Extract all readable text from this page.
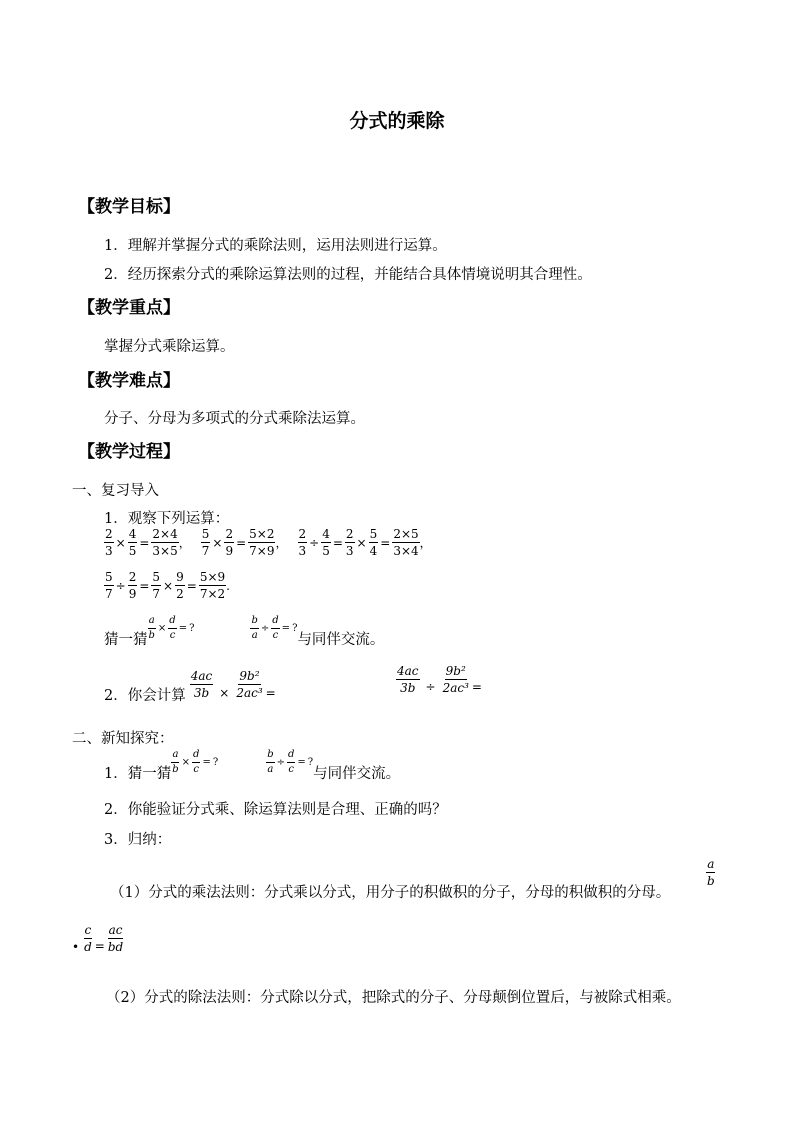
分式的乘除
【教学目标】
1．理解并掌握分式的乘除法则，运用法则进行运算。
2．经历探索分式的乘除运算法则的过程，并能结合具体情境说明其合理性。
【教学重点】
掌握分式乘除运算。
【教学难点】
分子、分母为多项式的分式乘除法运算。
【教学过程】
一、复习导入
1．观察下列运算：
$\frac{2}{3} \times \frac{4}{5} = \frac{2\times 4}{3\times 5}$ ， $\frac{5}{7} \times \frac{2}{9} = \frac{5\times 2}{7\times 9}$ ， $\frac{2}{3} \div \frac{4}{5} = \frac{2}{3} \times \frac{5}{4} = \frac{2\times 5}{3\times 4}$ ，
$\frac{5}{7} \div \frac{2}{9} = \frac{5}{7} \times \frac{9}{2} = \frac{5\times 9}{7\times 2}$ .
猜一猜 $\frac{a}{b} \times \frac{d}{c}$ = ?	$\frac{b}{a} \div \frac{d}{c}$ = ?
与同伴交流。
2．你会计算 $\frac{4ac}{3b} \times \frac{\text{9b²}}{\text{2ac³}}$ =	$\frac{4ac}{3b} \div \frac{\text{9b²}}{\text{2ac³}}$ =
二、新知探究：
1．猜一猜 $\frac{a}{b} \times \frac{d}{c}$ = ?	$\frac{b}{a} \div \frac{d}{c}$ = ?
与同伴交流。
2．你能验证分式乘、除运算法则是合理、正确的吗？
3．归纳：
（1）分式的乘法法则：分式乘以分式，用分子的积做积的分子，分母的积做积的分母。
$\frac{a}{b}$
• $\frac{c}{d} = \frac{ac}{bd}$
（2）分式的除法法则：分式除以分式，把除式的分子、分母颠倒位置后，与被除式相乘。
